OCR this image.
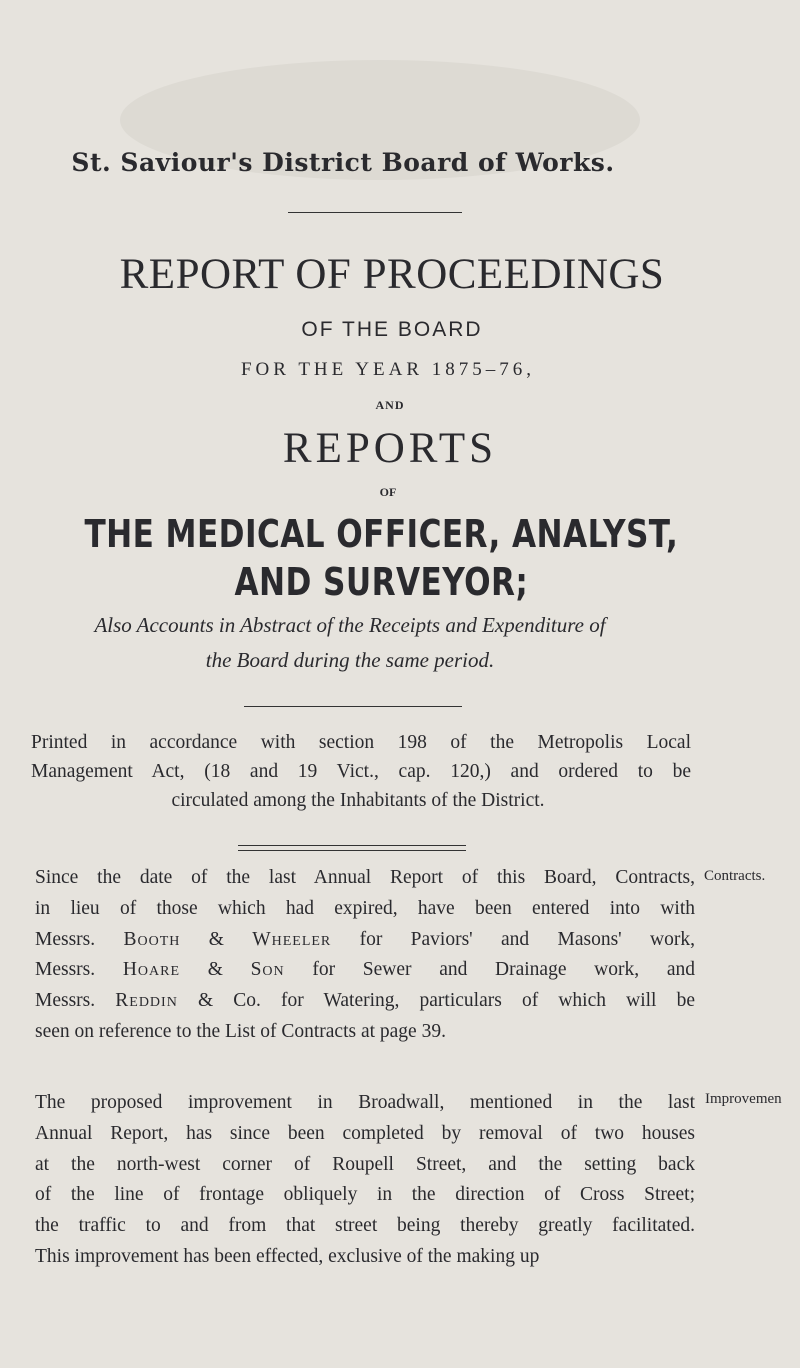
St. Saviour's District Board of Works.
REPORT OF PROCEEDINGS
OF THE BOARD
FOR THE YEAR 1875–76,
AND
REPORTS
OF
THE MEDICAL OFFICER, ANALYST,
AND SURVEYOR;
Also Accounts in Abstract of the Receipts and Expenditure of
the Board during the same period.
Printed in accordance with section 198 of the Metropolis Local
Management Act, (18 and 19 Vict., cap. 120,) and ordered to be
circulated among the Inhabitants of the District.
Since the date of the last Annual Report of this Board, Contracts,
in lieu of those which had expired, have been entered into with
Messrs. Booth & Wheeler for Paviors' and Masons' work,
Messrs. Hoare & Son for Sewer and Drainage work, and
Messrs. Reddin & Co. for Watering, particulars of which will be
seen on reference to the List of Contracts at page 39.
Contracts.
The proposed improvement in Broadwall, mentioned in the last
Annual Report, has since been completed by removal of two houses
at the north-west corner of Roupell Street, and the setting back
of the line of frontage obliquely in the direction of Cross Street;
the traffic to and from that street being thereby greatly facilitated.
This improvement has been effected, exclusive of the making up
Improvemen
